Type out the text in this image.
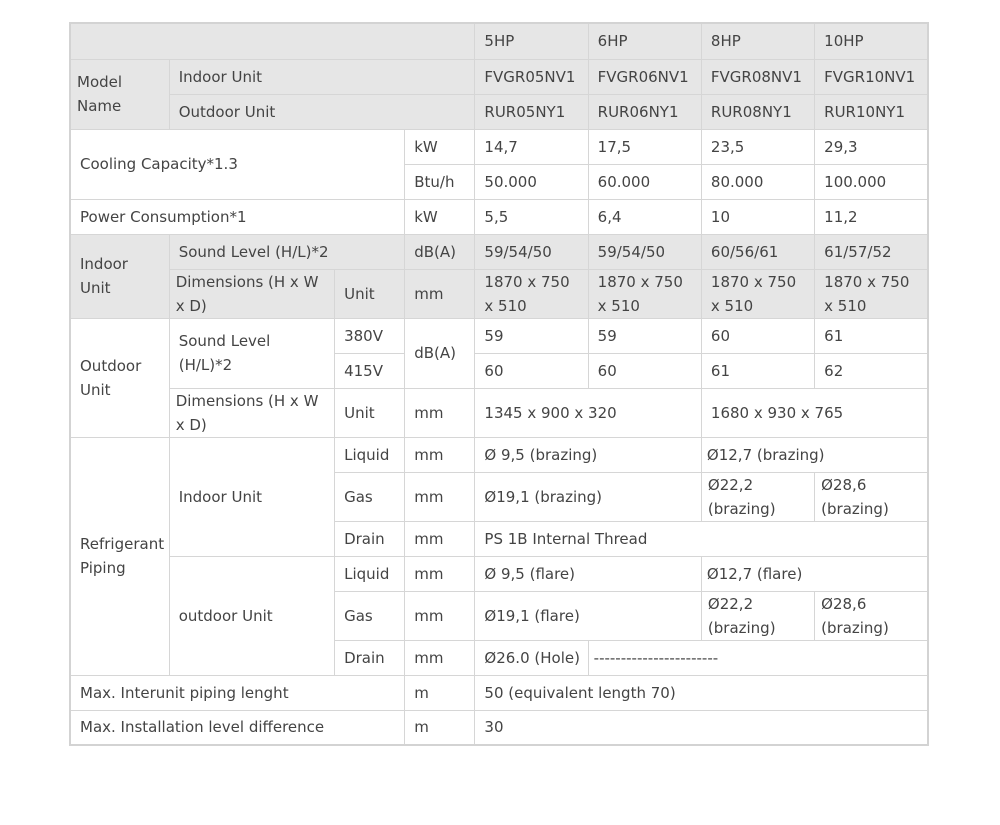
				5HP	6HP	8HP	10HP
Model Name	Indoor Unit			FVGR05NV1	FVGR06NV1	FVGR08NV1	FVGR10NV1
	Outdoor Unit			RUR05NY1	RUR06NY1	RUR08NY1	RUR10NY1
Cooling Capacity*1.3			kW	14,7	17,5	23,5	29,3
			Btu/h	50.000	60.000	80.000	100.000
Power Consumption*1			kW	5,5	6,4	10	11,2
Indoor Unit	Sound Level (H/L)*2		dB(A)	59/54/50	59/54/50	60/56/61	61/57/52
	Dimensions (H x W x D)	Unit	mm	1870 x 750 x 510	1870 x 750 x 510	1870 x 750 x 510	1870 x 750 x 510
Outdoor Unit	Sound Level (H/L)*2	380V	dB(A)	59	59	60	61
		415V		60	60	61	62
	Dimensions (H x W x D)	Unit	mm	1345 x 900 x 320		1680 x 930 x 765	
Refrigerant Piping	Indoor Unit	Liquid	mm	Ø 9,5 (brazing)		Ø12,7 (brazing)	
		Gas	mm	Ø19,1 (brazing)		Ø22,2 (brazing)	Ø28,6 (brazing)
		Drain	mm	PS 1B Internal Thread			
	outdoor Unit	Liquid	mm	Ø 9,5 (flare)		Ø12,7 (flare)	
		Gas	mm	Ø19,1 (flare)		Ø22,2 (brazing)	Ø28,6 (brazing)
		Drain	mm	Ø26.0 (Hole)	-----------------------		
Max. Interunit piping lenght			m	50 (equivalent length 70)			
Max. Installation level difference			m	30			
